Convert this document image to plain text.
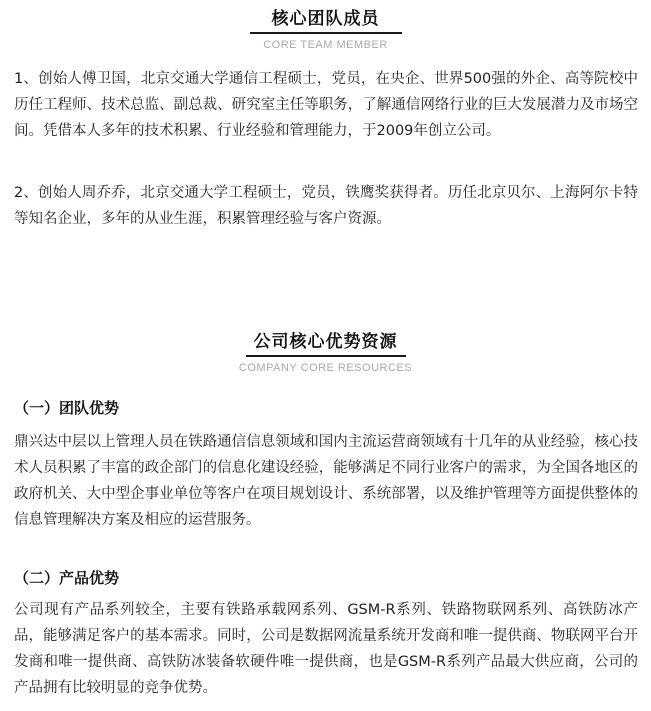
核心团队成员
CORE TEAM MEMBER

1、创始人傅卫国，北京交通大学通信工程硕士，党员，在央企、世界500强的外企、高等院校中历任工程师、技术总监、副总裁、研究室主任等职务，了解通信网络行业的巨大发展潜力及市场空间。凭借本人多年的技术积累、行业经验和管理能力，于2009年创立公司。

2、创始人周乔乔，北京交通大学工程硕士，党员，铁鹰奖获得者。历任北京贝尔、上海阿尔卡特等知名企业，多年的从业生涯，积累管理经验与客户资源。

公司核心优势资源
COMPANY CORE RESOURCES
（一）团队优势

鼎兴达中层以上管理人员在铁路通信信息领域和国内主流运营商领域有十几年的从业经验，核心技术人员积累了丰富的政企部门的信息化建设经验，能够满足不同行业客户的需求，为全国各地区的政府机关、大中型企事业单位等客户在项目规划设计、系统部署，以及维护管理等方面提供整体的信息管理解决方案及相应的运营服务。

（二）产品优势

公司现有产品系列较全，主要有铁路承载网系列、GSM-R系列、铁路物联网系列、高铁防冰产品，能够满足客户的基本需求。同时，公司是数据网流量系统开发商和唯一提供商、物联网平台开发商和唯一提供商、高铁防冰装备软硬件唯一提供商，也是GSM-R系列产品最大供应商，公司的产品拥有比较明显的竞争优势。
